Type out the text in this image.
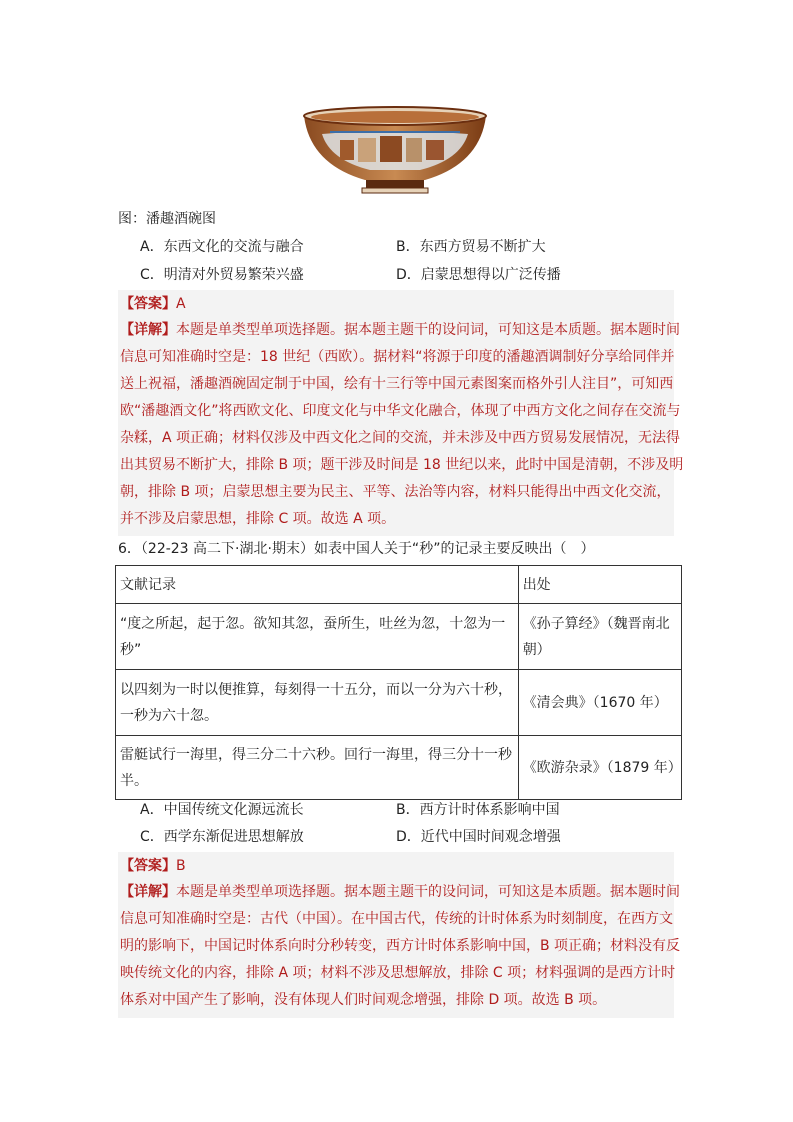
图：潘趣酒碗图
A．东西文化的交流与融合	B．东西方贸易不断扩大
C．明清对外贸易繁荣兴盛	D．启蒙思想得以广泛传播
【答案】A
【详解】本题是单类型单项选择题。据本题主题干的设问词，可知这是本质题。据本题时间
信息可知准确时空是：18 世纪（西欧）。据材料“将源于印度的潘趣酒调制好分享给同伴并
送上祝福，潘趣酒碗固定制于中国，绘有十三行等中国元素图案而格外引人注目”，可知西
欧“潘趣酒文化”将西欧文化、印度文化与中华文化融合，体现了中西方文化之间存在交流与
杂糅，A 项正确；材料仅涉及中西文化之间的交流，并未涉及中西方贸易发展情况，无法得
出其贸易不断扩大，排除 B 项；题干涉及时间是 18 世纪以来，此时中国是清朝，不涉及明
朝，排除 B 项；启蒙思想主要为民主、平等、法治等内容，材料只能得出中西文化交流，
并不涉及启蒙思想，排除 C 项。故选 A 项。
6．（22-23 高二下·湖北·期末）如表中国人关于“秒”的记录主要反映出（　）
文献记录	出处
“度之所起，起于忽。欲知其忽，蚕所生，吐丝为忽，十忽为一秒”	《孙子算经》（魏晋南北
朝）
以四刻为一时以便推算，每刻得一十五分，而以一分为六十秒，
一秒为六十忽。	《清会典》（1670 年）
雷艇试行一海里，得三分二十六秒。回行一海里，得三分十一秒
半。	《欧游杂录》（1879 年）
A．中国传统文化源远流长	B．西方计时体系影响中国
C．西学东渐促进思想解放	D．近代中国时间观念增强
【答案】B
【详解】本题是单类型单项选择题。据本题主题干的设问词，可知这是本质题。据本题时间
信息可知准确时空是：古代（中国）。在中国古代，传统的计时体系为时刻制度，在西方文
明的影响下，中国记时体系向时分秒转变，西方计时体系影响中国，B 项正确；材料没有反
映传统文化的内容，排除 A 项；材料不涉及思想解放，排除 C 项；材料强调的是西方计时
体系对中国产生了影响，没有体现人们时间观念增强，排除 D 项。故选 B 项。
